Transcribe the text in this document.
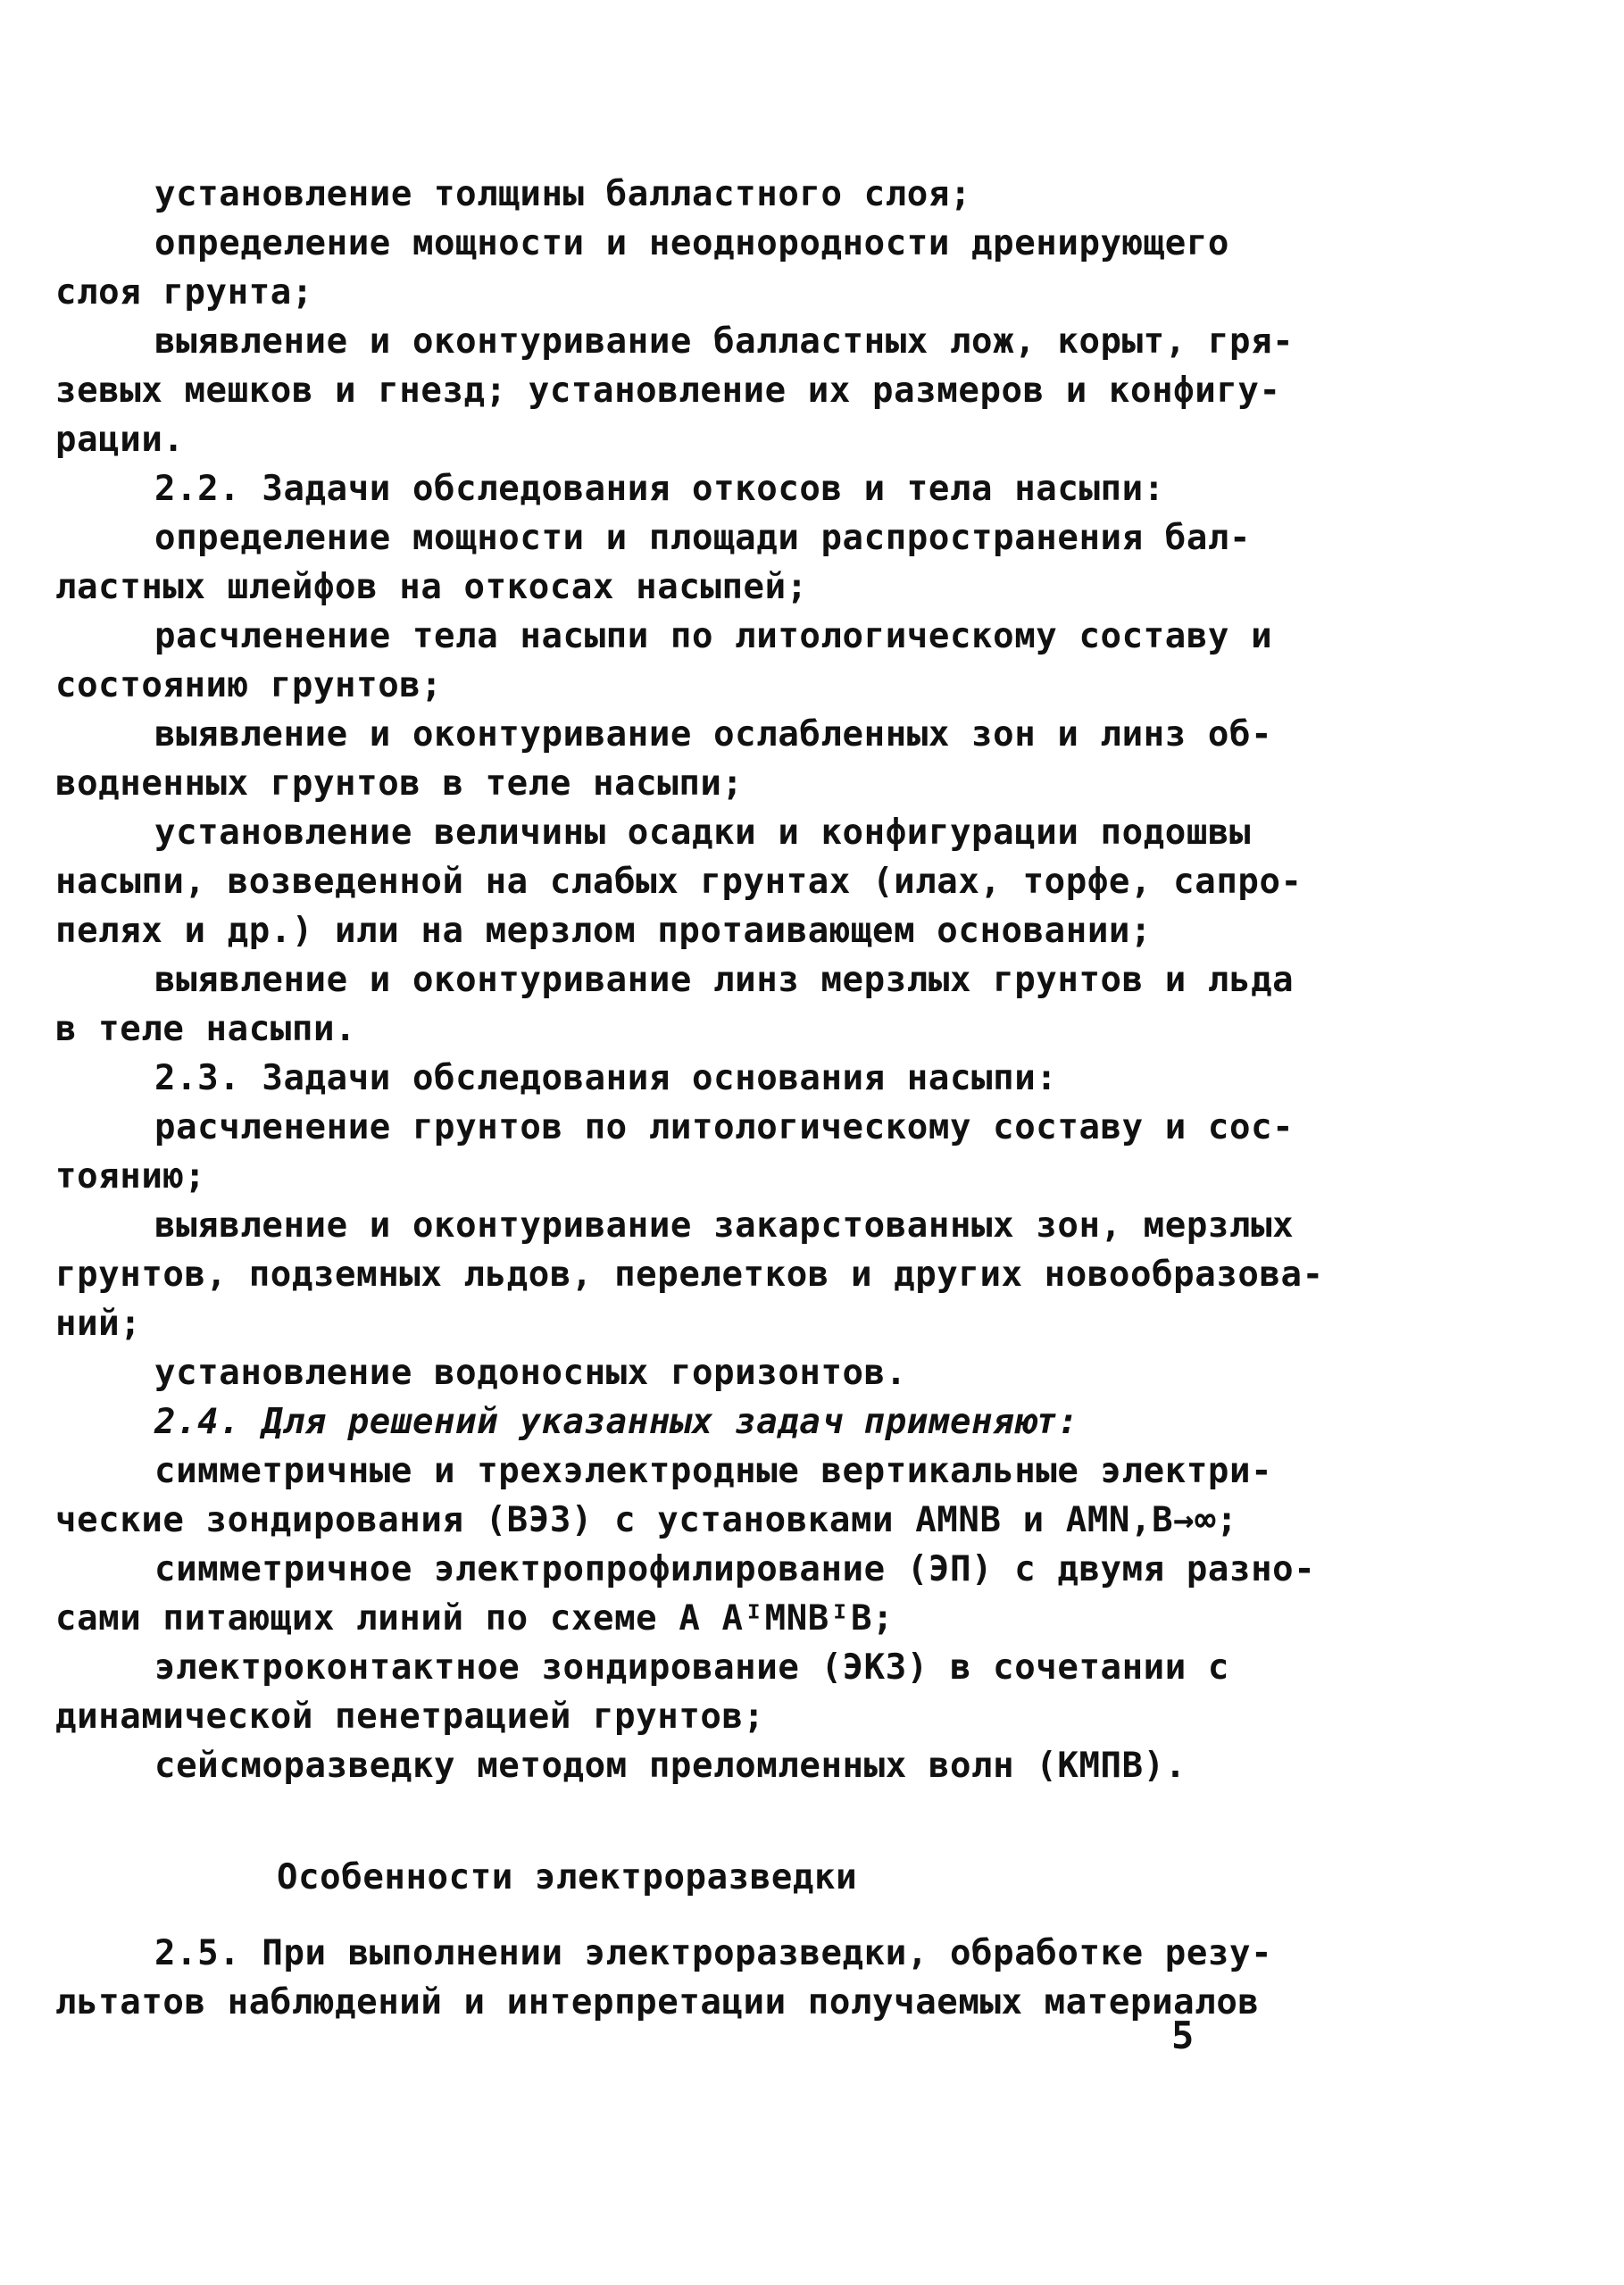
установление толщины балластного слоя;
определение мощности и неоднородности дренирующего
слоя грунта;
выявление и оконтуривание балластных лож, корыт, гря-
зевых мешков и гнезд; установление их размеров и конфигу-
рации.
2.2. Задачи обследования откосов и тела насыпи:
определение мощности и площади распространения бал-
ластных шлейфов на откосах насыпей;
расчленение тела насыпи по литологическому составу и
состоянию грунтов;
выявление и оконтуривание ослабленных зон и линз об-
водненных грунтов в теле насыпи;
установление величины осадки и конфигурации подошвы
насыпи, возведенной на слабых грунтах (илах, торфе, сапро-
пелях и др.) или на мерзлом протаивающем основании;
выявление и оконтуривание линз мерзлых грунтов и льда
в теле насыпи.
2.3. Задачи обследования основания насыпи:
расчленение грунтов по литологическому составу и сос-
тоянию;
выявление и оконтуривание закарстованных зон, мерзлых
грунтов, подземных льдов, перелетков и других новообразова-
ний;
установление водоносных горизонтов.
2.4. Для решений указанных задач применяют:
симметричные и трехэлектродные вертикальные электри-
ческие зондирования (ВЭЗ) с установками AMNB и AMN,B→∞;
симметричное электропрофилирование (ЭП) с двумя разно-
сами питающих линий по схеме A AᴵMNBᴵB;
электроконтактное зондирование (ЭКЗ) в сочетании с
динамической пенетрацией грунтов;
сейсморазведку методом преломленных волн (КМПВ).
Особенности электроразведки
2.5. При выполнении электроразведки, обработке резу-
льтатов наблюдений и интерпретации получаемых материалов
5
